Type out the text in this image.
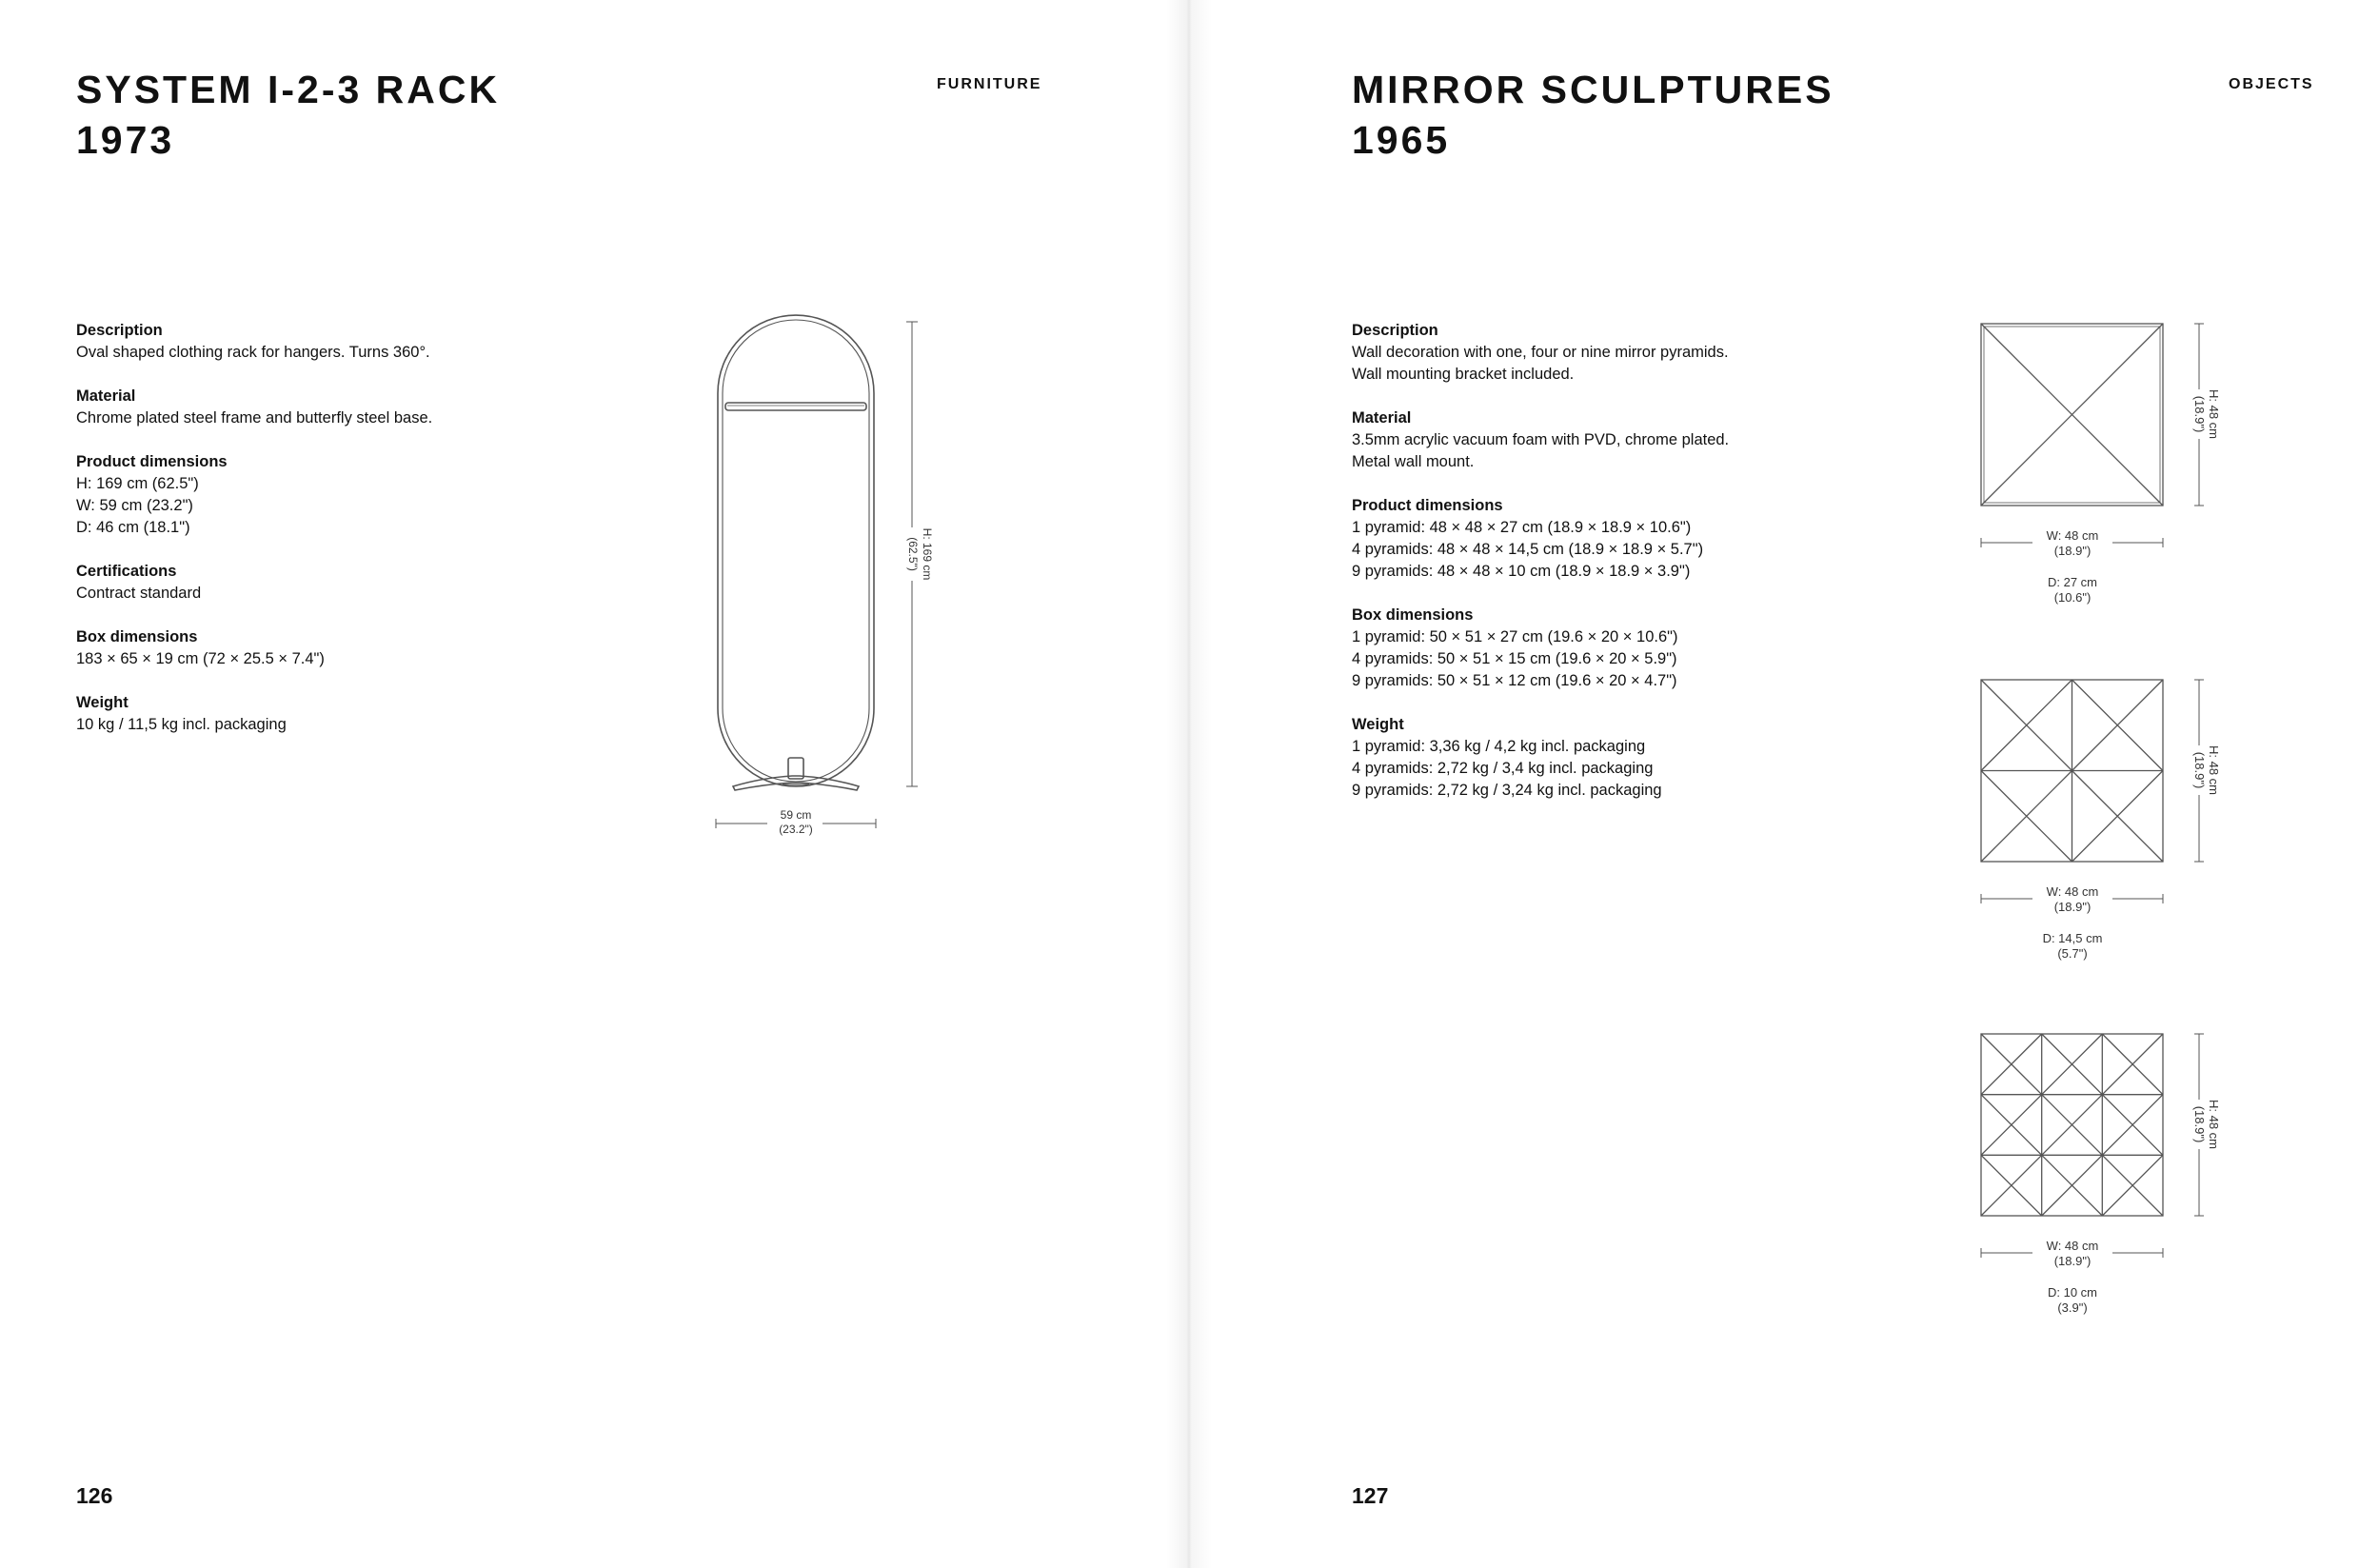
SYSTEM I-2-3 RACK
1973
FURNITURE
Description
Oval shaped clothing rack for hangers. Turns 360°.
Material
Chrome plated steel frame and butterfly steel base.
Product dimensions
H: 169 cm (62.5")
W: 59 cm (23.2")
D: 46 cm (18.1")
Certifications
Contract standard
Box dimensions
183 × 65 × 19 cm (72 × 25.5 × 7.4")
Weight
10 kg / 11,5 kg incl. packaging
H: 169 cm
(62.5")
59 cm
(23.2")
126
MIRROR SCULPTURES
1965
OBJECTS
Description
Wall decoration with one, four or nine mirror pyramids.
Wall mounting bracket included.
Material
3.5mm acrylic vacuum foam with PVD, chrome plated.
Metal wall mount.
Product dimensions
1 pyramid: 48 × 48 × 27 cm (18.9 × 18.9 × 10.6")
4 pyramids: 48 × 48 × 14,5 cm (18.9 × 18.9 × 5.7")
9 pyramids: 48 × 48 × 10 cm (18.9 × 18.9 × 3.9")
Box dimensions
1 pyramid: 50 × 51 × 27 cm (19.6 × 20 × 10.6")
4 pyramids: 50 × 51 × 15 cm (19.6 × 20 × 5.9")
9 pyramids: 50 × 51 × 12 cm (19.6 × 20 × 4.7")
Weight
1 pyramid: 3,36 kg / 4,2 kg incl. packaging
4 pyramids: 2,72 kg / 3,4 kg incl. packaging
9 pyramids: 2,72 kg / 3,24 kg incl. packaging
H: 48 cm
(18.9")
W: 48 cm
(18.9")
D: 27 cm
(10.6")
H: 48 cm
(18.9")
W: 48 cm
(18.9")
D: 14,5 cm
(5.7")
H: 48 cm
(18.9")
W: 48 cm
(18.9")
D: 10 cm
(3.9")
127
